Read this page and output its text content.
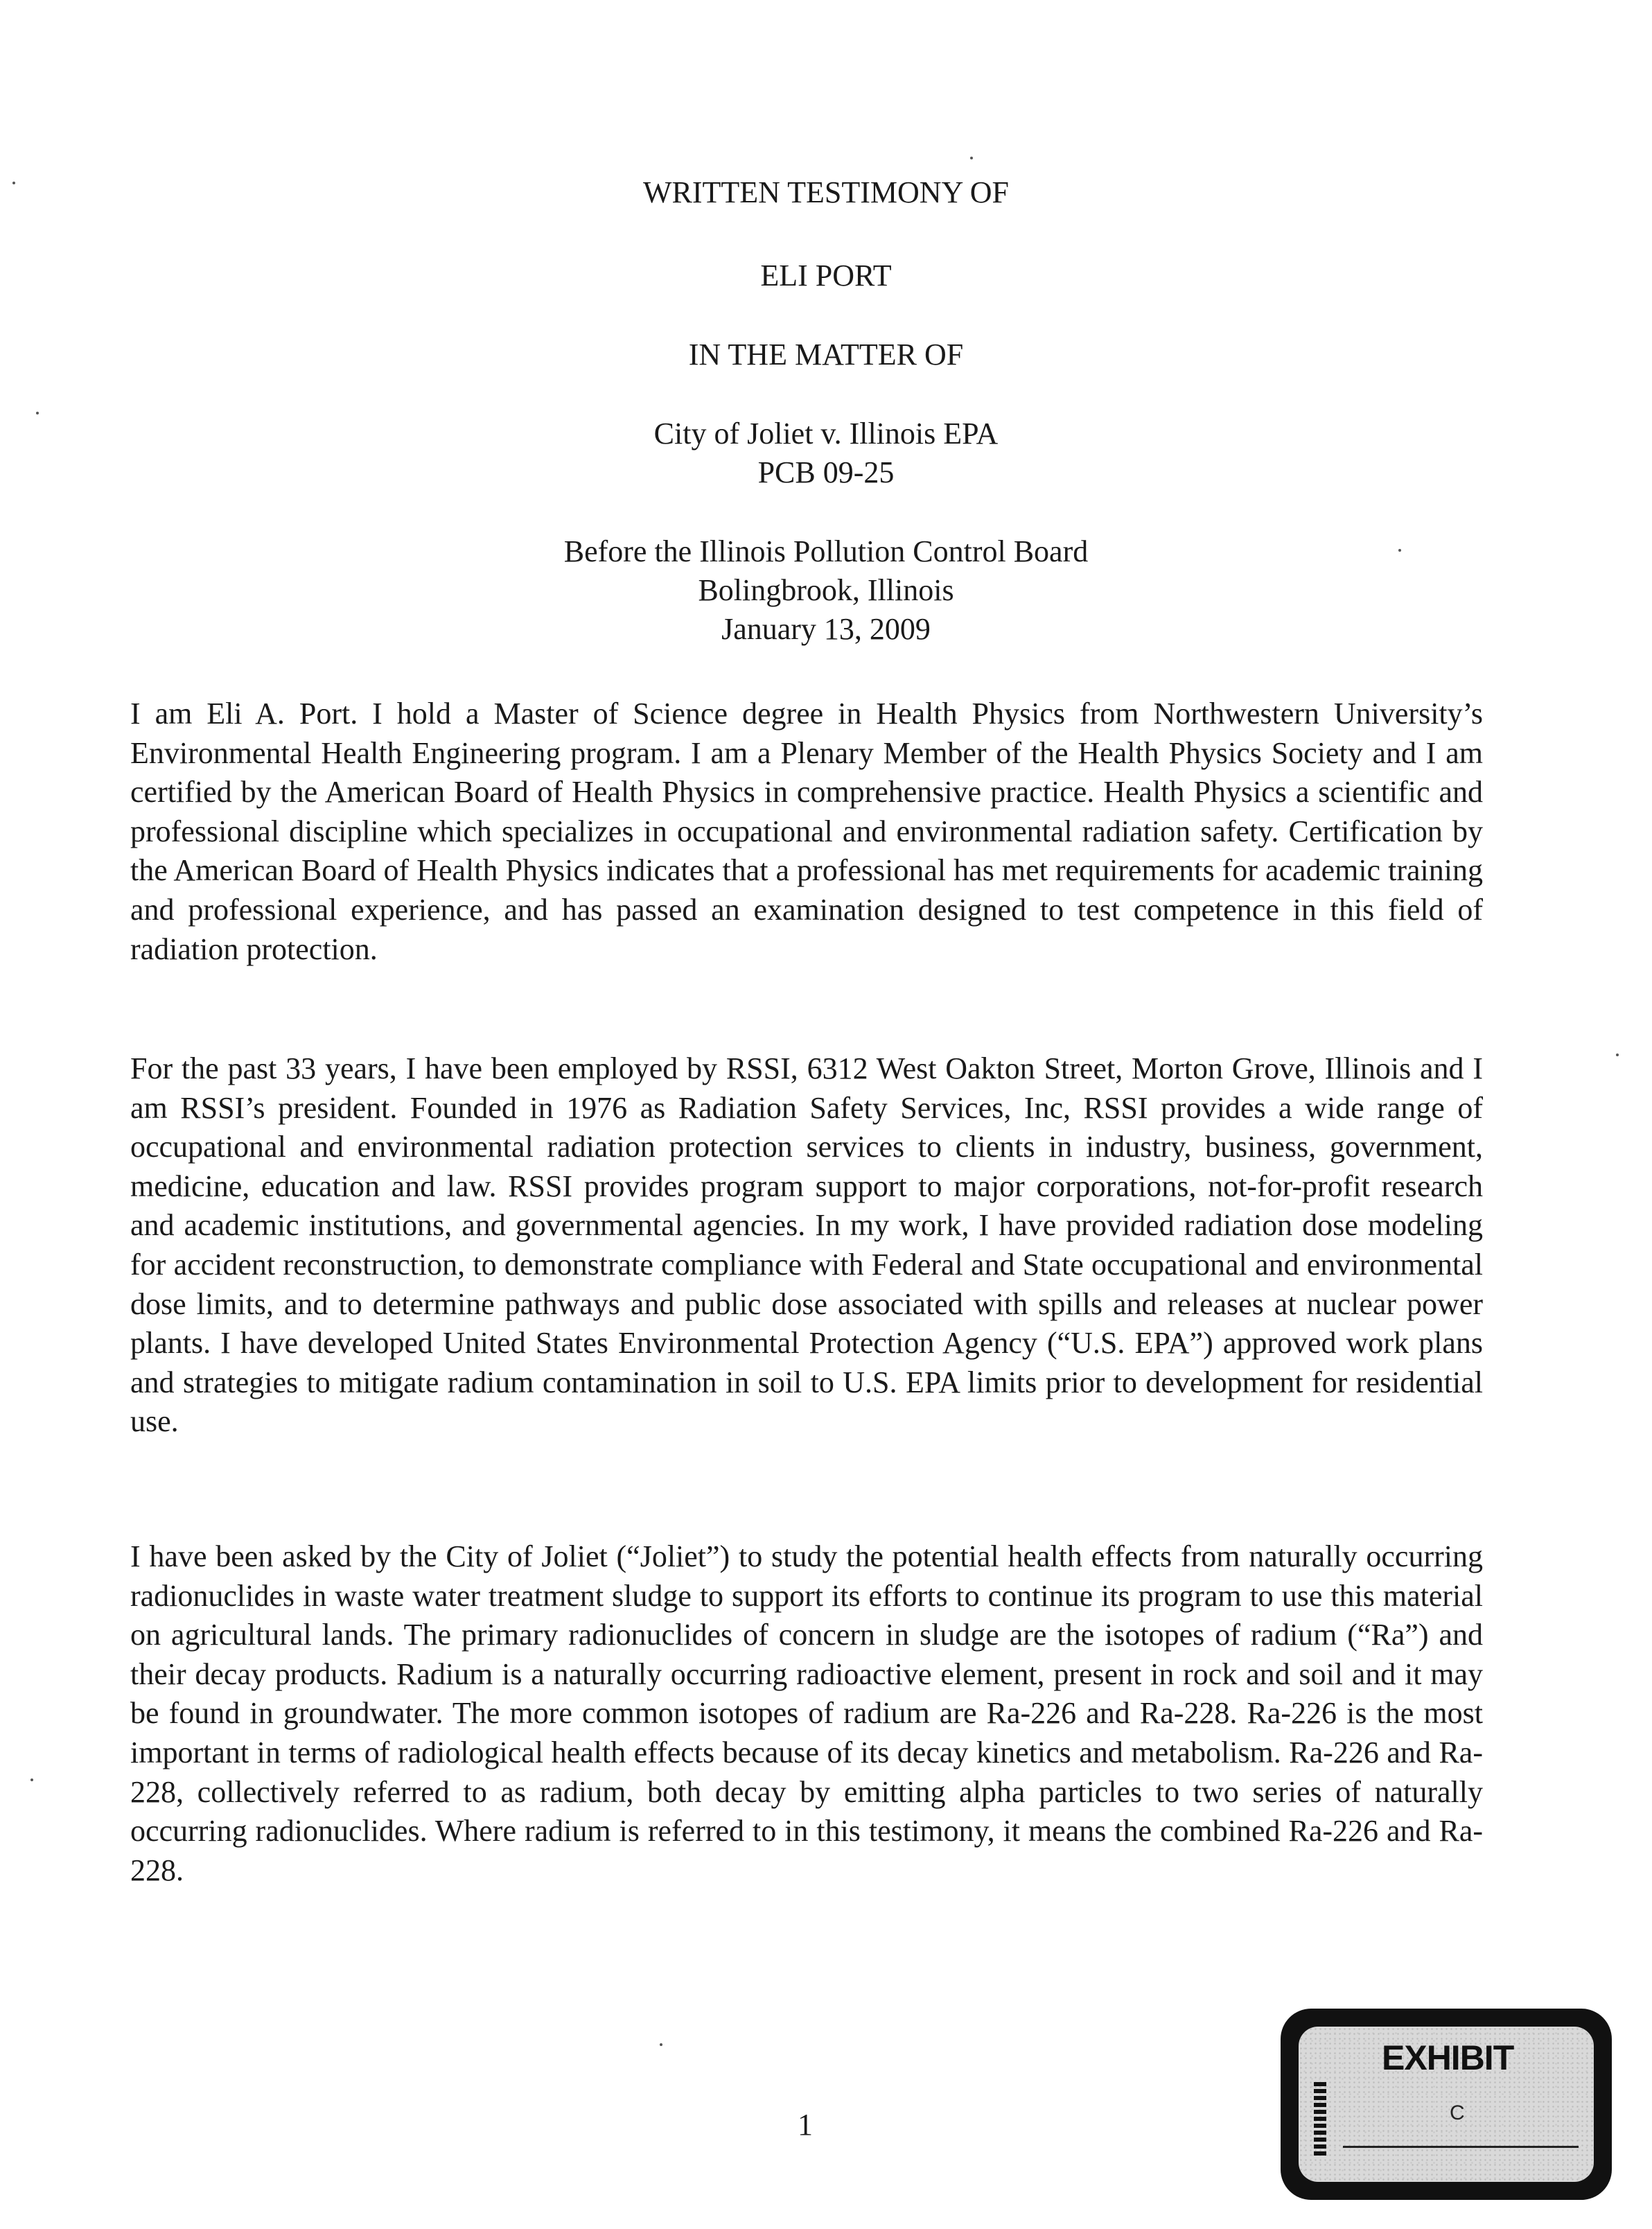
WRITTEN TESTIMONY OF
ELI PORT
IN THE MATTER OF
City of Joliet v. Illinois EPA
PCB 09-25
Before the Illinois Pollution Control Board
Bolingbrook, Illinois
January 13, 2009

I am Eli A. Port. I hold a Master of Science degree in Health Physics from Northwestern University’s Environmental Health Engineering program. I am a Plenary Member of the Health Physics Society and I am certified by the American Board of Health Physics in comprehensive practice. Health Physics a scientific and professional discipline which specializes in occupational and environmental radiation safety. Certification by the American Board of Health Physics indicates that a professional has met requirements for academic training and professional experience, and has passed an examination designed to test competence in this field of radiation protection.

For the past 33 years, I have been employed by RSSI, 6312 West Oakton Street, Morton Grove, Illinois and I am RSSI’s president. Founded in 1976 as Radiation Safety Services, Inc, RSSI provides a wide range of occupational and environmental radiation protection services to clients in industry, business, government, medicine, education and law. RSSI provides program support to major corporations, not-for-profit research and academic institutions, and governmental agencies. In my work, I have provided radiation dose modeling for accident reconstruction, to demonstrate compliance with Federal and State occupational and environmental dose limits, and to determine pathways and public dose associated with spills and releases at nuclear power plants. I have developed United States Environmental Protection Agency (“U.S. EPA”) approved work plans and strategies to mitigate radium contamination in soil to U.S. EPA limits prior to development for residential use.

I have been asked by the City of Joliet (“Joliet”) to study the potential health effects from naturally occurring radionuclides in waste water treatment sludge to support its efforts to continue its program to use this material on agricultural lands. The primary radionuclides of concern in sludge are the isotopes of radium (“Ra”) and their decay products. Radium is a naturally occurring radioactive element, present in rock and soil and it may be found in groundwater. The more common isotopes of radium are Ra-226 and Ra-228. Ra-226 is the most important in terms of radiological health effects because of its decay kinetics and metabolism. Ra-226 and Ra-228, collectively referred to as radium, both decay by emitting alpha particles to two series of naturally occurring radionuclides. Where radium is referred to in this testimony, it means the combined Ra-226 and Ra-228.

1
EXHIBIT
C
